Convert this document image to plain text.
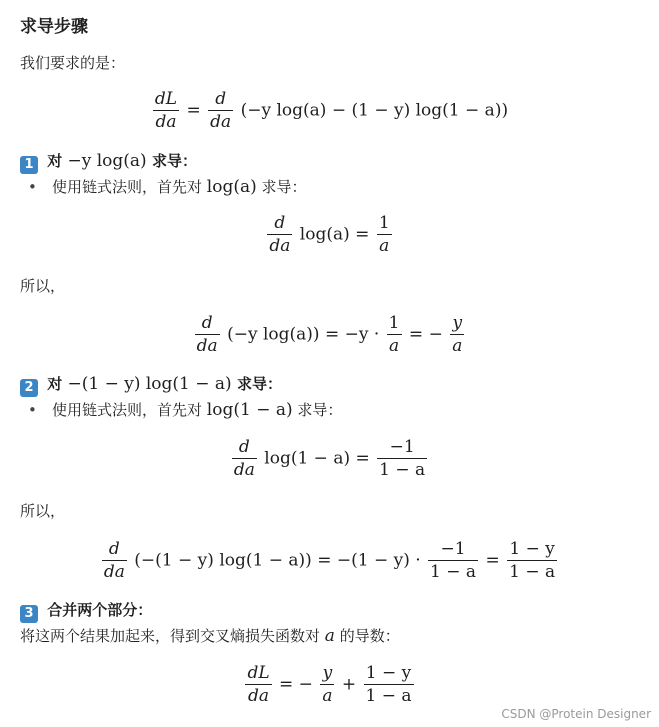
求导步骤
我们要求的是：
$\frac{dL}{da} = \frac{d}{da} (-y$ log(a) − (1 − y) log(1 − a))
1 对 −y log(a) 求导：
• 使用链式法则，首先对 log(a) 求导：
$\frac{d}{da} \log(a) = \frac{1}{a}$
所以，
$\frac{d}{da} (-y$ $\log(a)) = -y \cdot \frac{1}{a}$ = − $\frac{y}{a}$
2 对 −(1 − y) log(1 − a) 求导：
• 使用链式法则，首先对 log(1 − a) 求导：
$\frac{d}{da} \log(1 - a) = \frac{-1}{1 - a}$
所以，
$\frac{d}{da} (-(1 - y) \log(1 - a)) = -(1 - y) \cdot \frac{-1}{1 - a} = \frac{1 - y}{1 - a}$
3 合并两个部分：
将这两个结果加起来，得到交叉熵损失函数对 a 的导数：
$\frac{dL}{da}$ = − $\frac{y}{a} + \frac{1 - y}{1 - a}$
CSDN @Protein Designer
